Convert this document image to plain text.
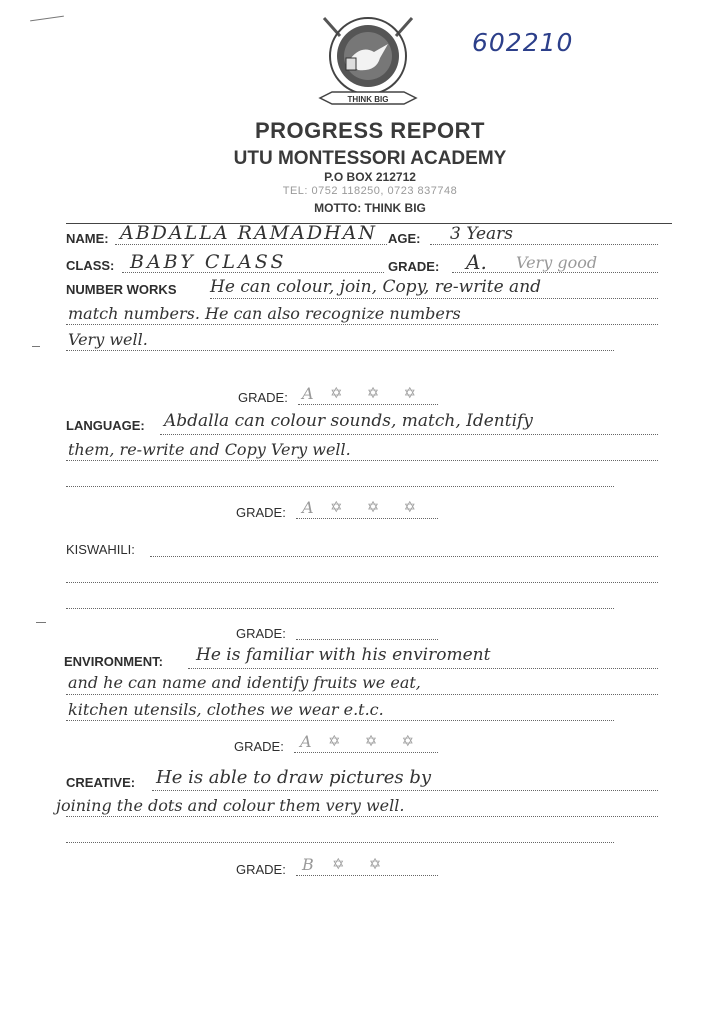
602210
THINK BIG
PROGRESS REPORT
UTU MONTESSORI ACADEMY
P.O BOX 212712
TEL: 0752 118250, 0723 837748
MOTTO: THINK BIG
NAME: ABDALLA RAMADHAN AGE: 3 Years
CLASS: BABY CLASS	GRADE: A. Very good
NUMBER WORKS He can colour, join, Copy, re-write and
match numbers. He can also recognize numbers
Very well.
GRADE: A ✡ ✡ ✡
LANGUAGE: Abdalla can colour sounds, match, Identify
them, re-write and Copy Very well.
GRADE: A ✡ ✡ ✡
KISWAHILI:
GRADE:
ENVIRONMENT: He is familiar with his enviroment
and he can name and identify fruits we eat,
kitchen utensils, clothes we wear e.t.c.
GRADE: A ✡ ✡ ✡
CREATIVE: He is able to draw pictures by
joining the dots and colour them very well.
GRADE: B ✡ ✡
